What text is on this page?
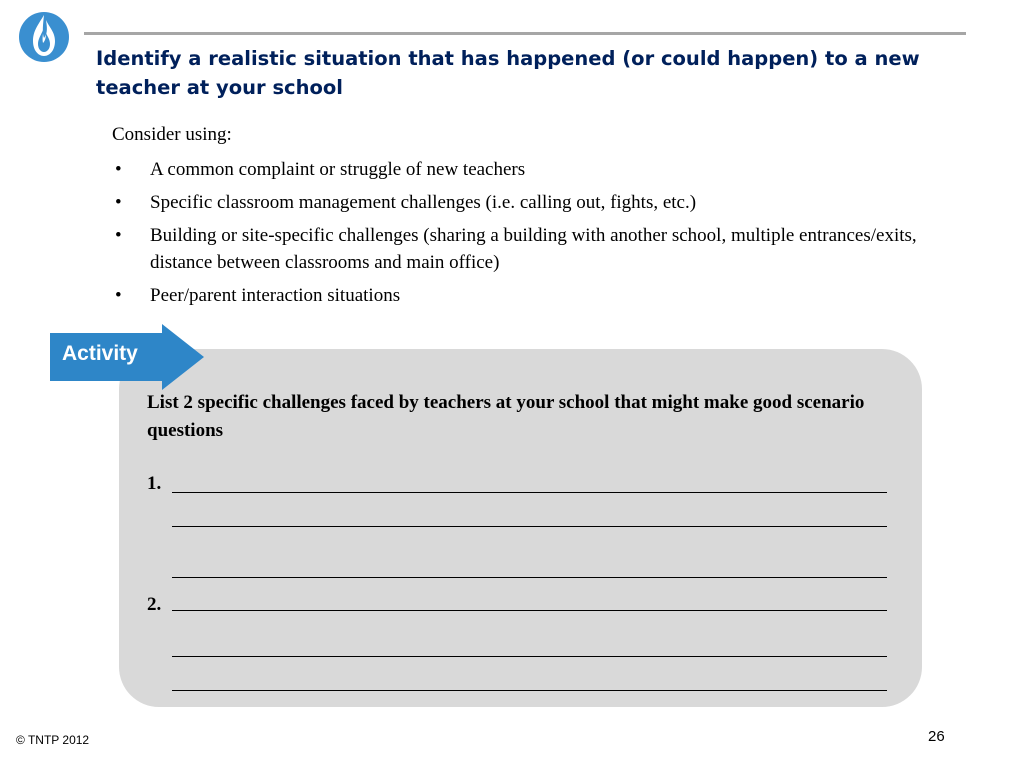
Identify a realistic situation that has happened (or could happen) to a new teacher at your school
Consider using:
• A common complaint or struggle of new teachers
• Specific classroom management challenges (i.e. calling out, fights, etc.)
• Building or site-specific challenges (sharing a building with another school, multiple entrances/exits, distance between classrooms and main office)
• Peer/parent interaction situations
Activity

List 2 specific challenges faced by teachers at your school that might make good scenario questions

1.
2.
© TNTP 2012	26
